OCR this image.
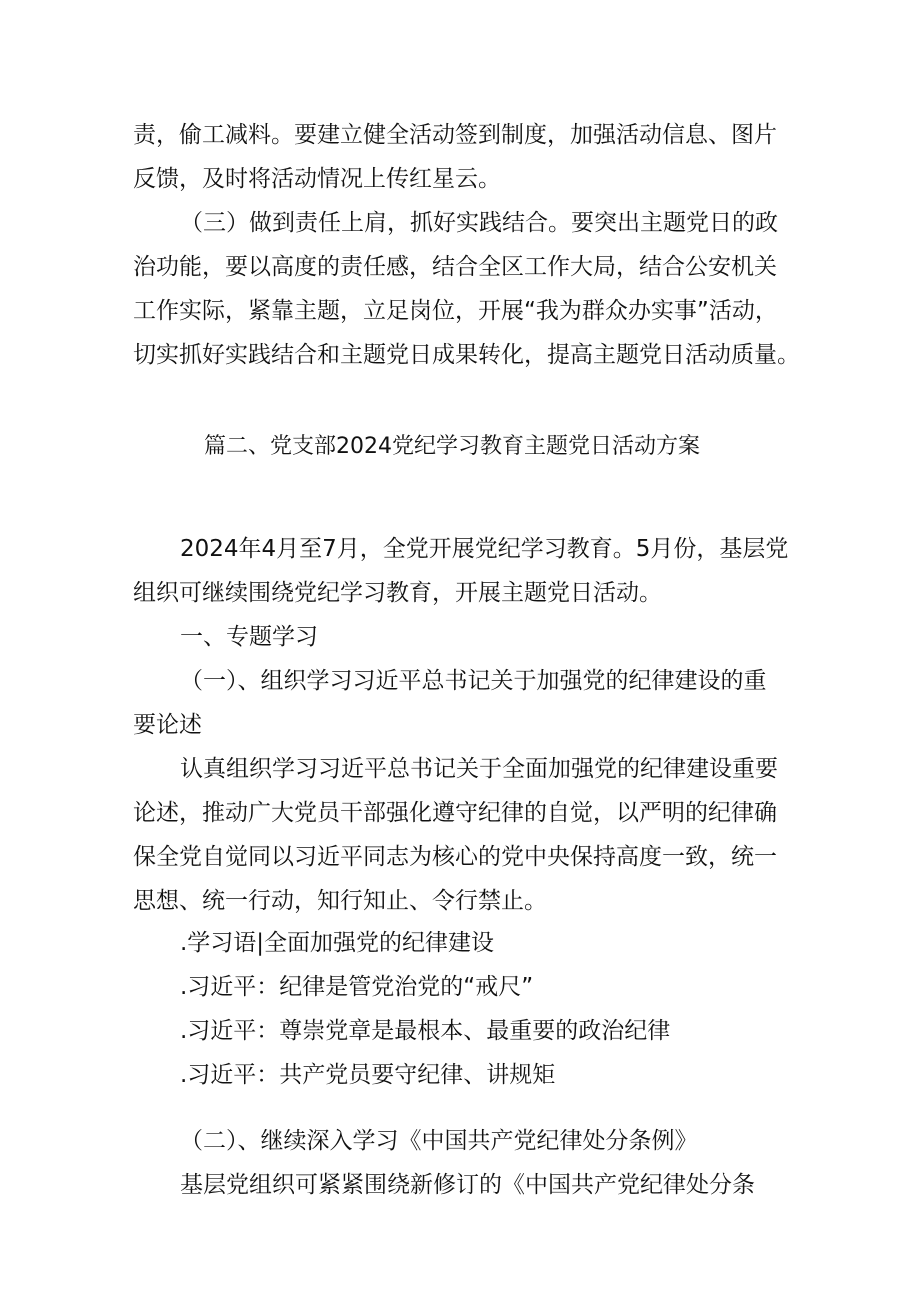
责，偷工减料。要建立健全活动签到制度，加强活动信息、图片
反馈，及时将活动情况上传红星云。
（三）做到责任上肩，抓好实践结合。要突出主题党日的政
治功能，要以高度的责任感，结合全区工作大局，结合公安机关
工作实际，紧靠主题，立足岗位，开展“我为群众办实事”活动，
切实抓好实践结合和主题党日成果转化，提高主题党日活动质量。
篇二、党支部2024党纪学习教育主题党日活动方案
2024年4月至7月，全党开展党纪学习教育。5月份，基层党
组织可继续围绕党纪学习教育，开展主题党日活动。
一、专题学习
（一）、组织学习习近平总书记关于加强党的纪律建设的重
要论述
认真组织学习习近平总书记关于全面加强党的纪律建设重要
论述，推动广大党员干部强化遵守纪律的自觉，以严明的纪律确
保全党自觉同以习近平同志为核心的党中央保持高度一致，统一
思想、统一行动，知行知止、令行禁止。
.学习语|全面加强党的纪律建设
.习近平：纪律是管党治党的“戒尺”
.习近平：尊崇党章是最根本、最重要的政治纪律
.习近平：共产党员要守纪律、讲规矩
（二）、继续深入学习《中国共产党纪律处分条例》
基层党组织可紧紧围绕新修订的《中国共产党纪律处分条
